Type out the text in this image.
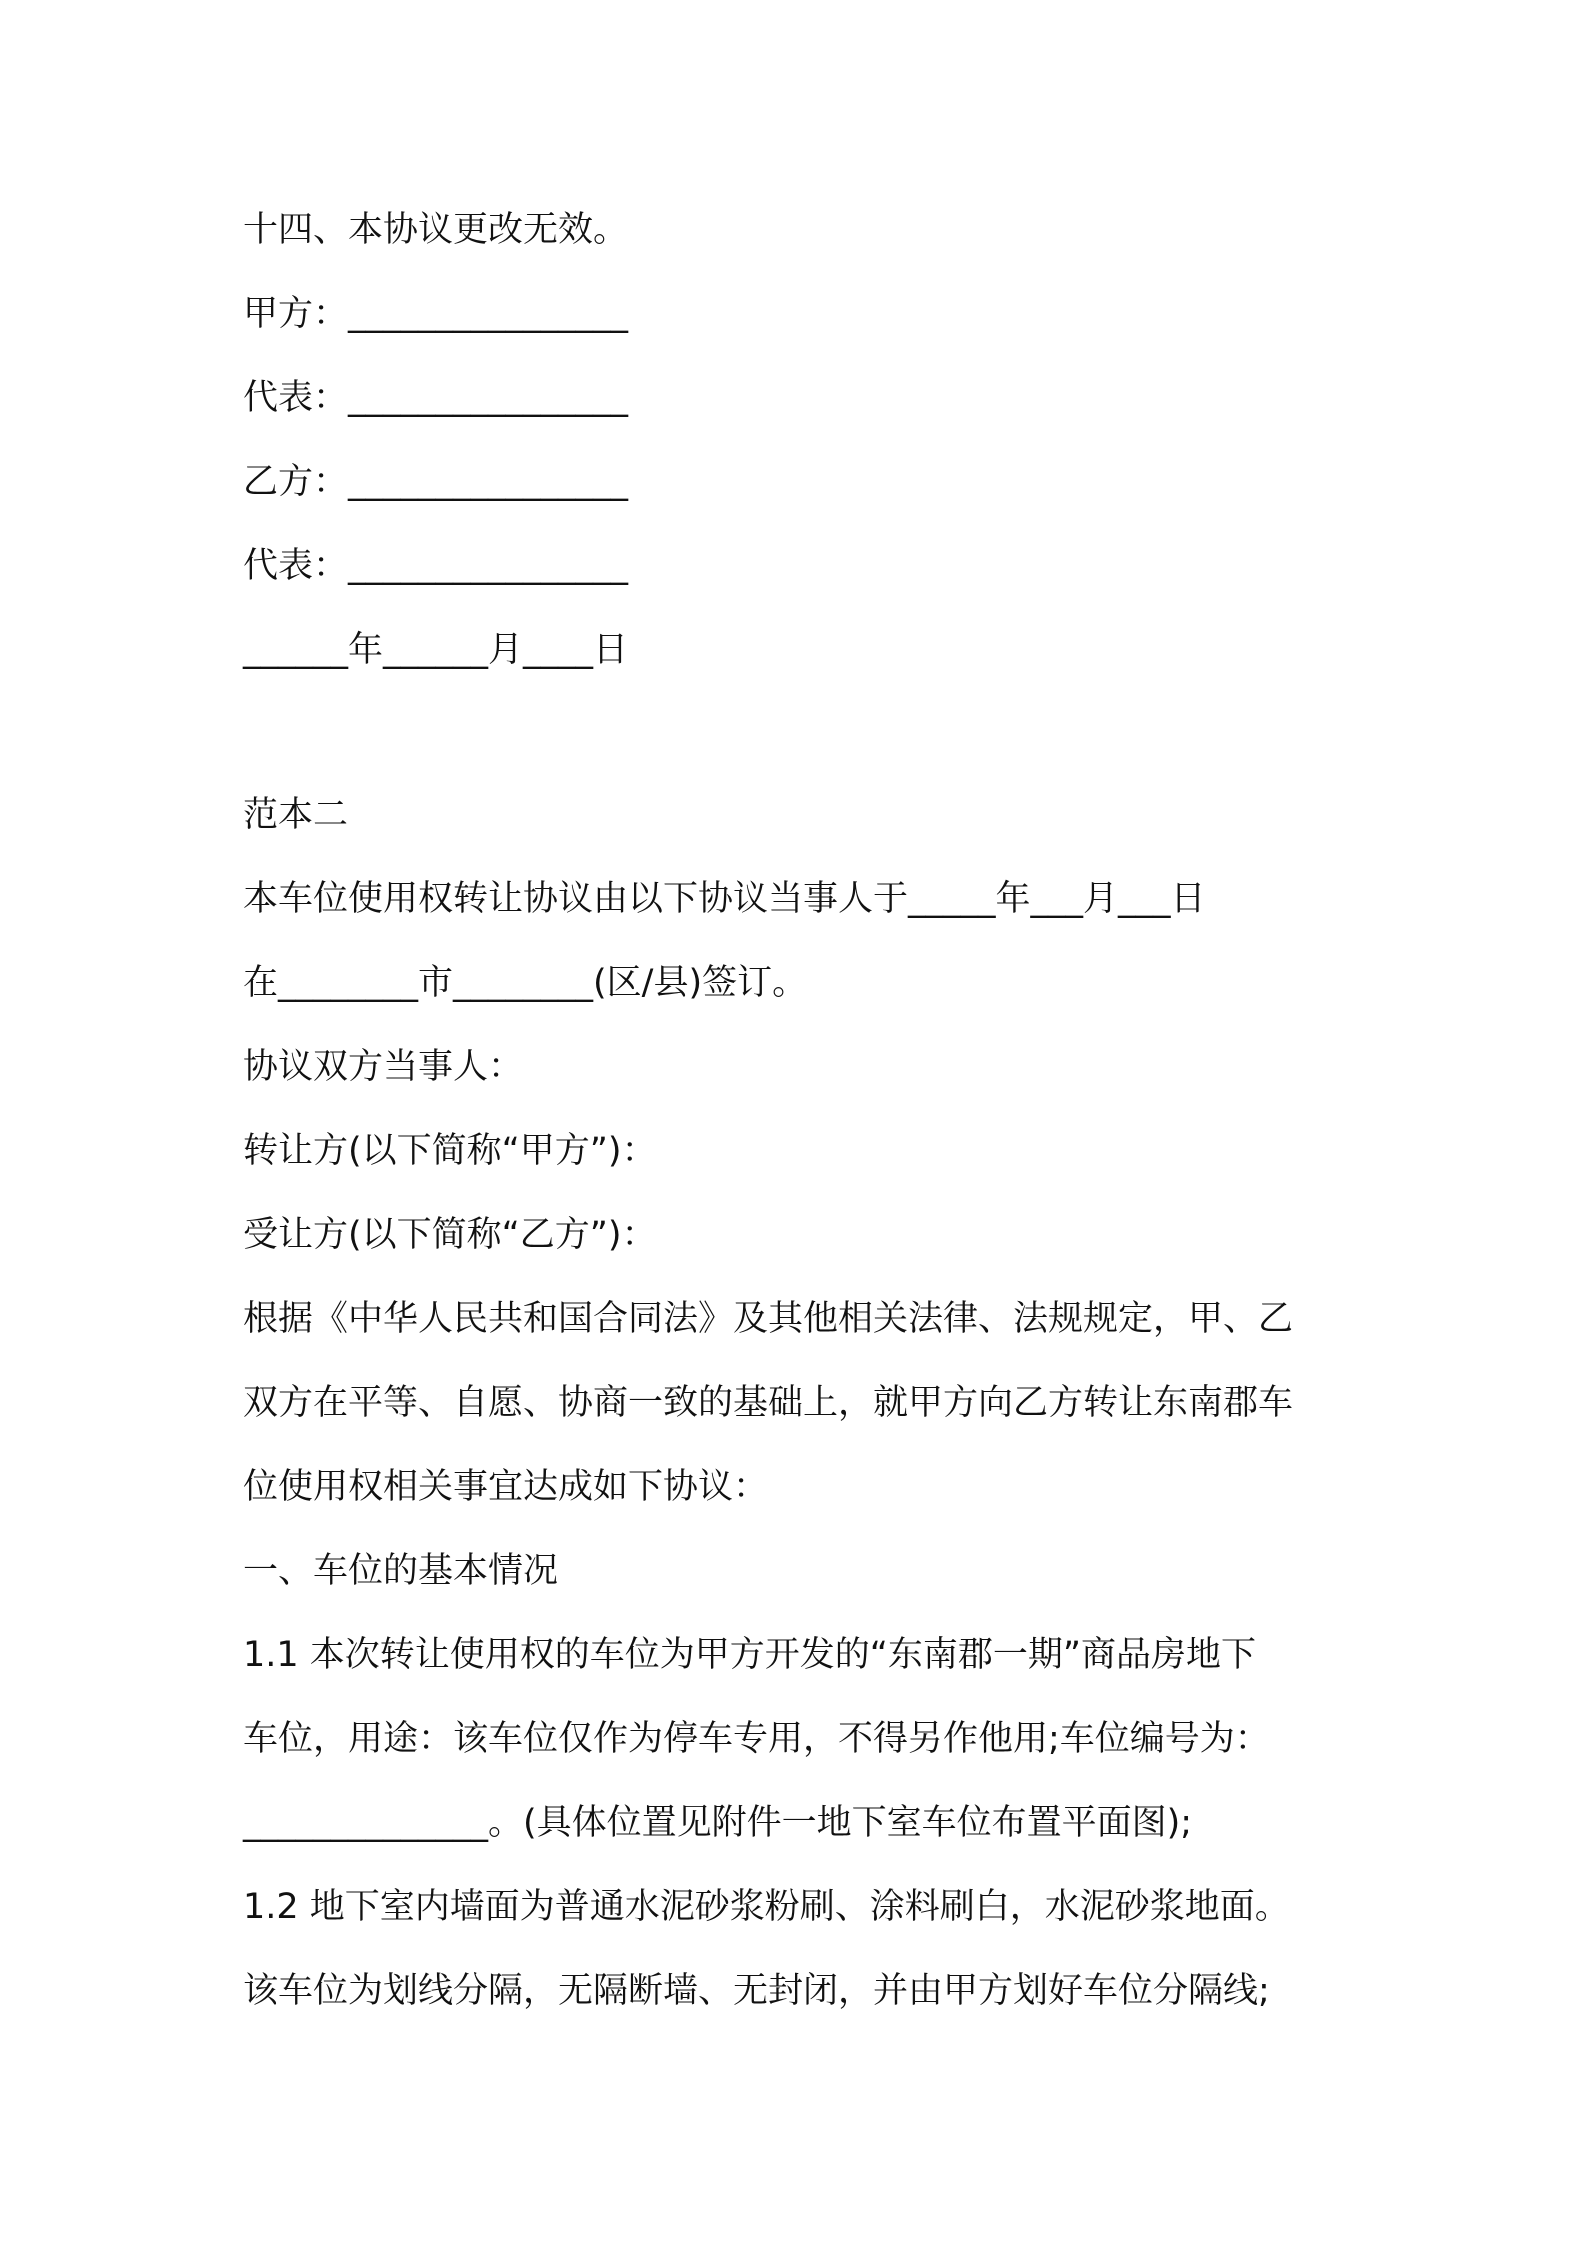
十四、本协议更改无效。
甲方：________________
代表：________________
乙方：________________
代表：________________
______年______月____日
范本二
本车位使用权转让协议由以下协议当事人于_____年___月___日
在________市________(区/县)签订。
协议双方当事人：
转让方(以下简称“甲方”)：
受让方(以下简称“乙方”)：
根据《中华人民共和国合同法》及其他相关法律、法规规定，甲、乙
双方在平等、自愿、协商一致的基础上，就甲方向乙方转让东南郡车
位使用权相关事宜达成如下协议：
一、车位的基本情况
1.1 本次转让使用权的车位为甲方开发的“东南郡一期”商品房地下
车位，用途：该车位仅作为停车专用，不得另作他用;车位编号为：
______________。(具体位置见附件一地下室车位布置平面图);
1.2 地下室内墙面为普通水泥砂浆粉刷、涂料刷白，水泥砂浆地面。
该车位为划线分隔，无隔断墙、无封闭，并由甲方划好车位分隔线;
